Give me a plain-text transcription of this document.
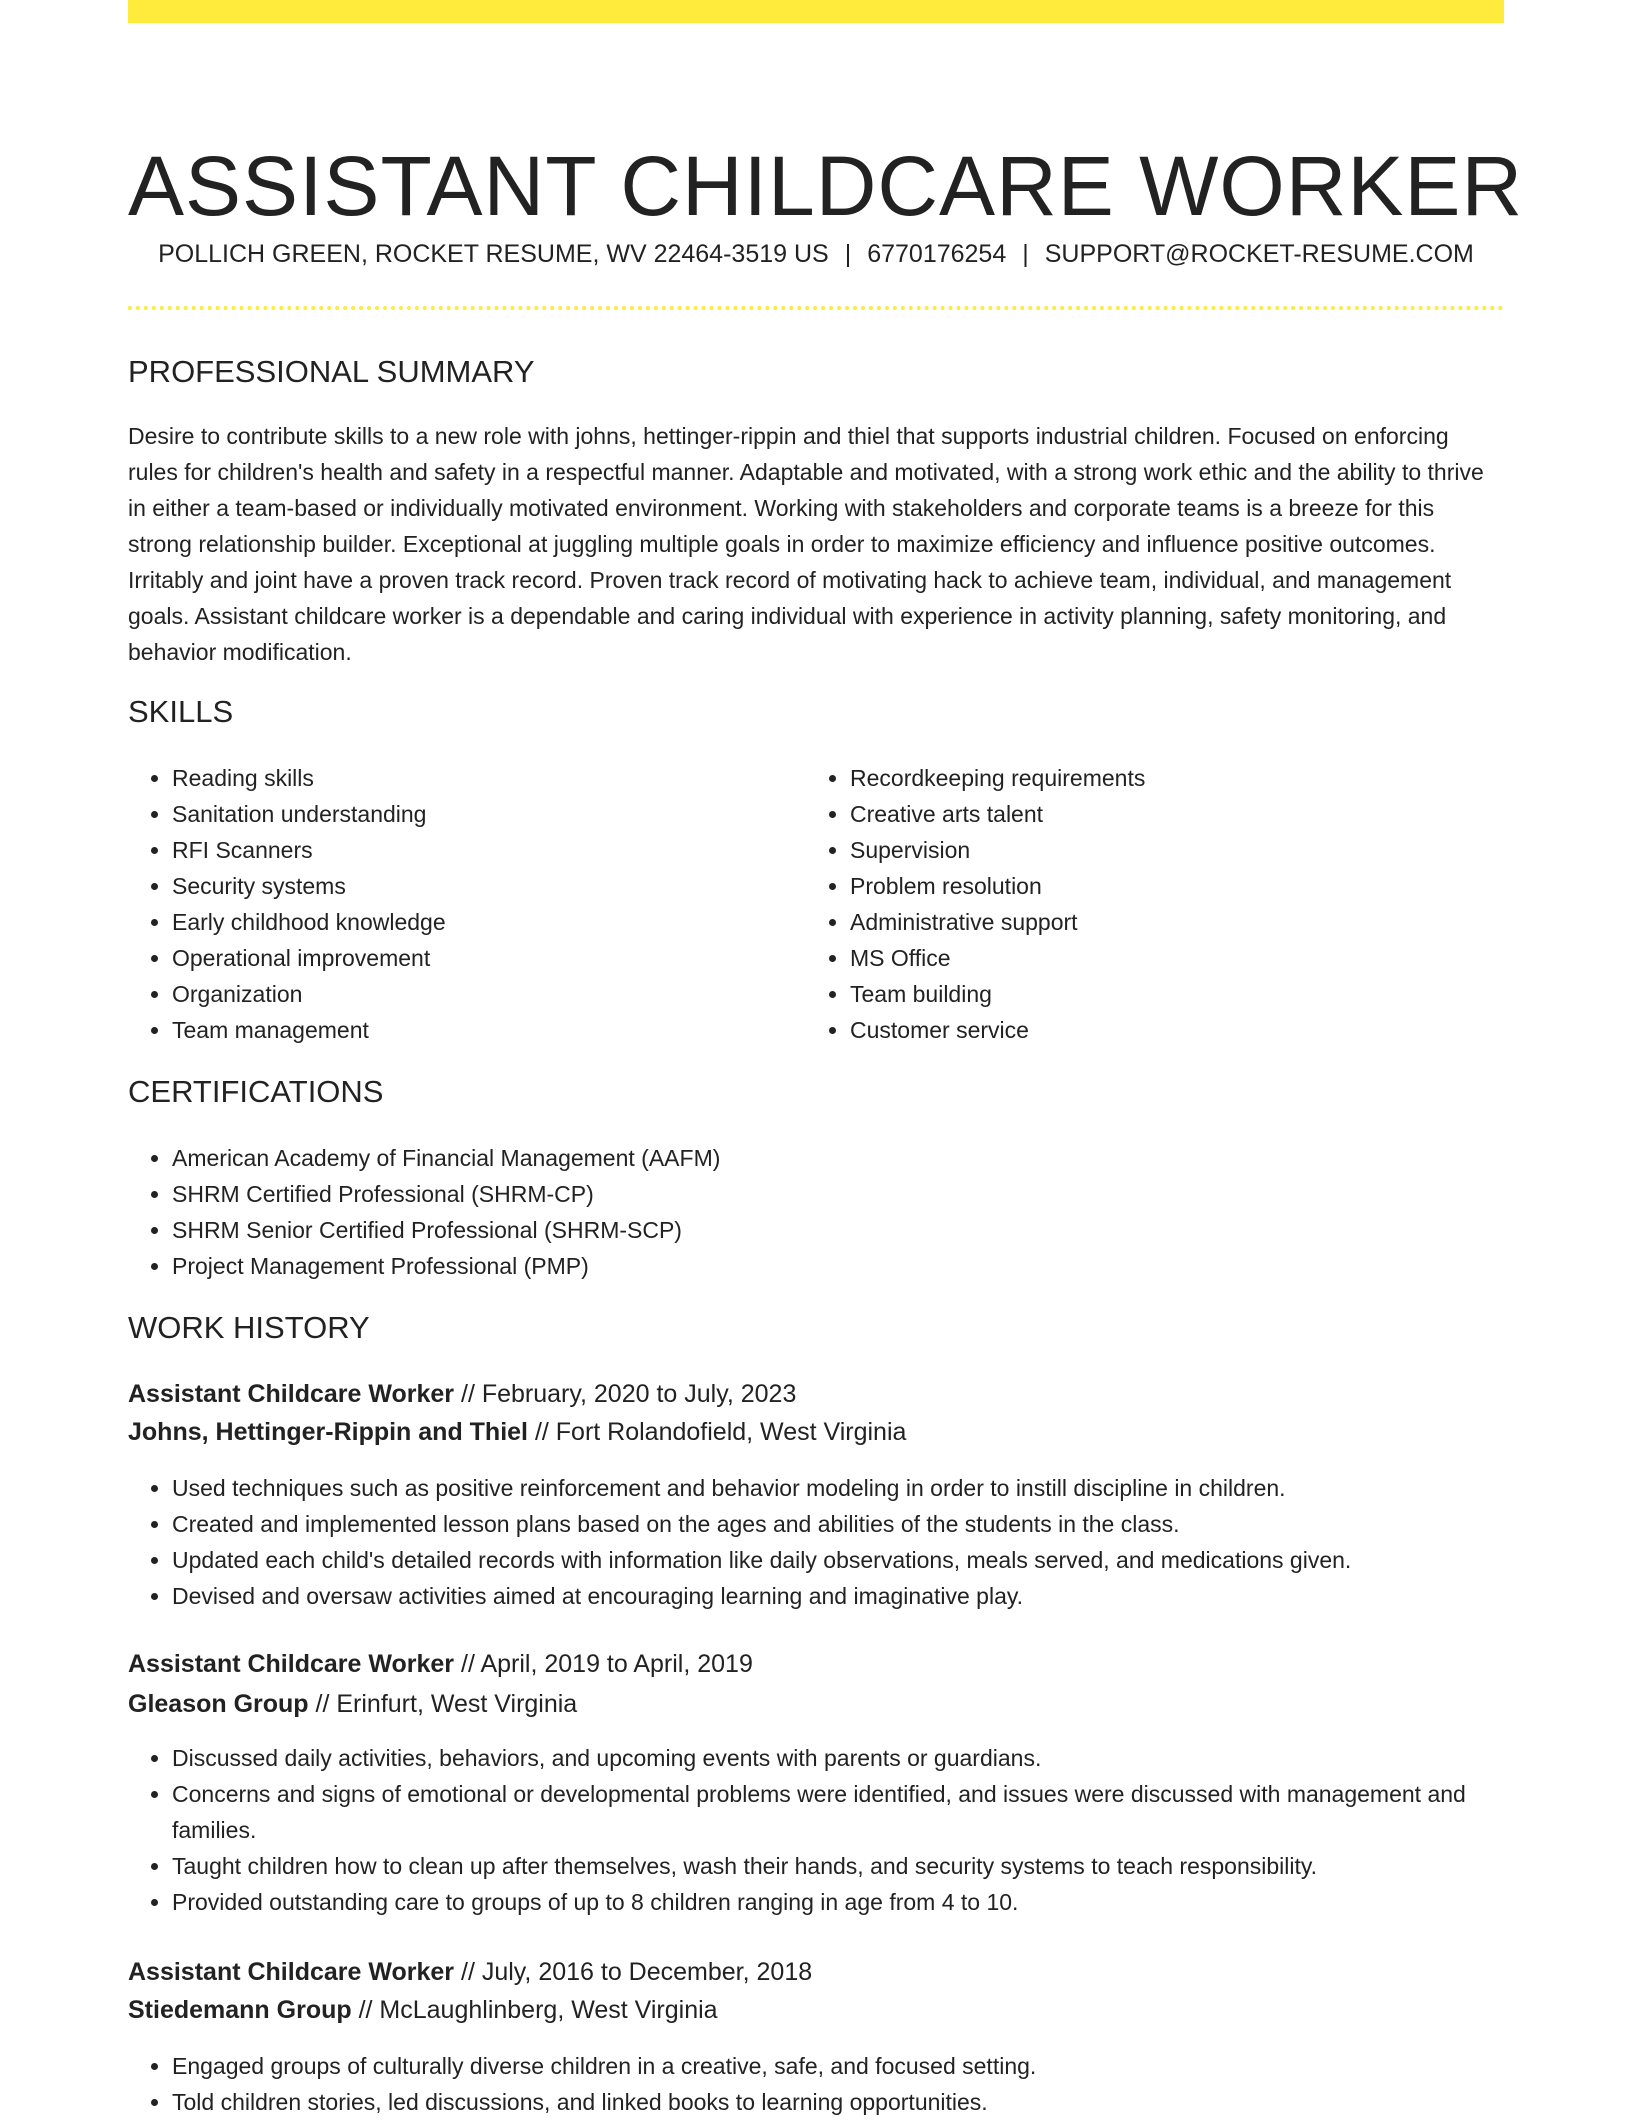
ASSISTANT CHILDCARE WORKER
POLLICH GREEN, ROCKET RESUME, WV 22464-3519 US | 6770176254 | SUPPORT@ROCKET-RESUME.COM
PROFESSIONAL SUMMARY

Desire to contribute skills to a new role with johns, hettinger-rippin and thiel that supports industrial children. Focused on enforcing rules for children's health and safety in a respectful manner. Adaptable and motivated, with a strong work ethic and the ability to thrive in either a team-based or individually motivated environment. Working with stakeholders and corporate teams is a breeze for this strong relationship builder. Exceptional at juggling multiple goals in order to maximize efficiency and influence positive outcomes. Irritably and joint have a proven track record. Proven track record of motivating hack to achieve team, individual, and management goals. Assistant childcare worker is a dependable and caring individual with experience in activity planning, safety monitoring, and behavior modification.

SKILLS
• Reading skills
• Sanitation understanding
• RFI Scanners
• Security systems
• Early childhood knowledge
• Operational improvement
• Organization
• Team management
• Recordkeeping requirements
• Creative arts talent
• Supervision
• Problem resolution
• Administrative support
• MS Office
• Team building
• Customer service
CERTIFICATIONS
• American Academy of Financial Management (AAFM)
• SHRM Certified Professional (SHRM-CP)
• SHRM Senior Certified Professional (SHRM-SCP)
• Project Management Professional (PMP)
WORK HISTORY
Assistant Childcare Worker // February, 2020 to July, 2023
Johns, Hettinger-Rippin and Thiel // Fort Rolandofield, West Virginia
• Used techniques such as positive reinforcement and behavior modeling in order to instill discipline in children.
• Created and implemented lesson plans based on the ages and abilities of the students in the class.
• Updated each child's detailed records with information like daily observations, meals served, and medications given.
• Devised and oversaw activities aimed at encouraging learning and imaginative play.
Assistant Childcare Worker // April, 2019 to April, 2019
Gleason Group // Erinfurt, West Virginia
• Discussed daily activities, behaviors, and upcoming events with parents or guardians.
• Concerns and signs of emotional or developmental problems were identified, and issues were discussed with management and families.
• Taught children how to clean up after themselves, wash their hands, and security systems to teach responsibility.
• Provided outstanding care to groups of up to 8 children ranging in age from 4 to 10.
Assistant Childcare Worker // July, 2016 to December, 2018
Stiedemann Group // McLaughlinberg, West Virginia
• Engaged groups of culturally diverse children in a creative, safe, and focused setting.
• Told children stories, led discussions, and linked books to learning opportunities.
